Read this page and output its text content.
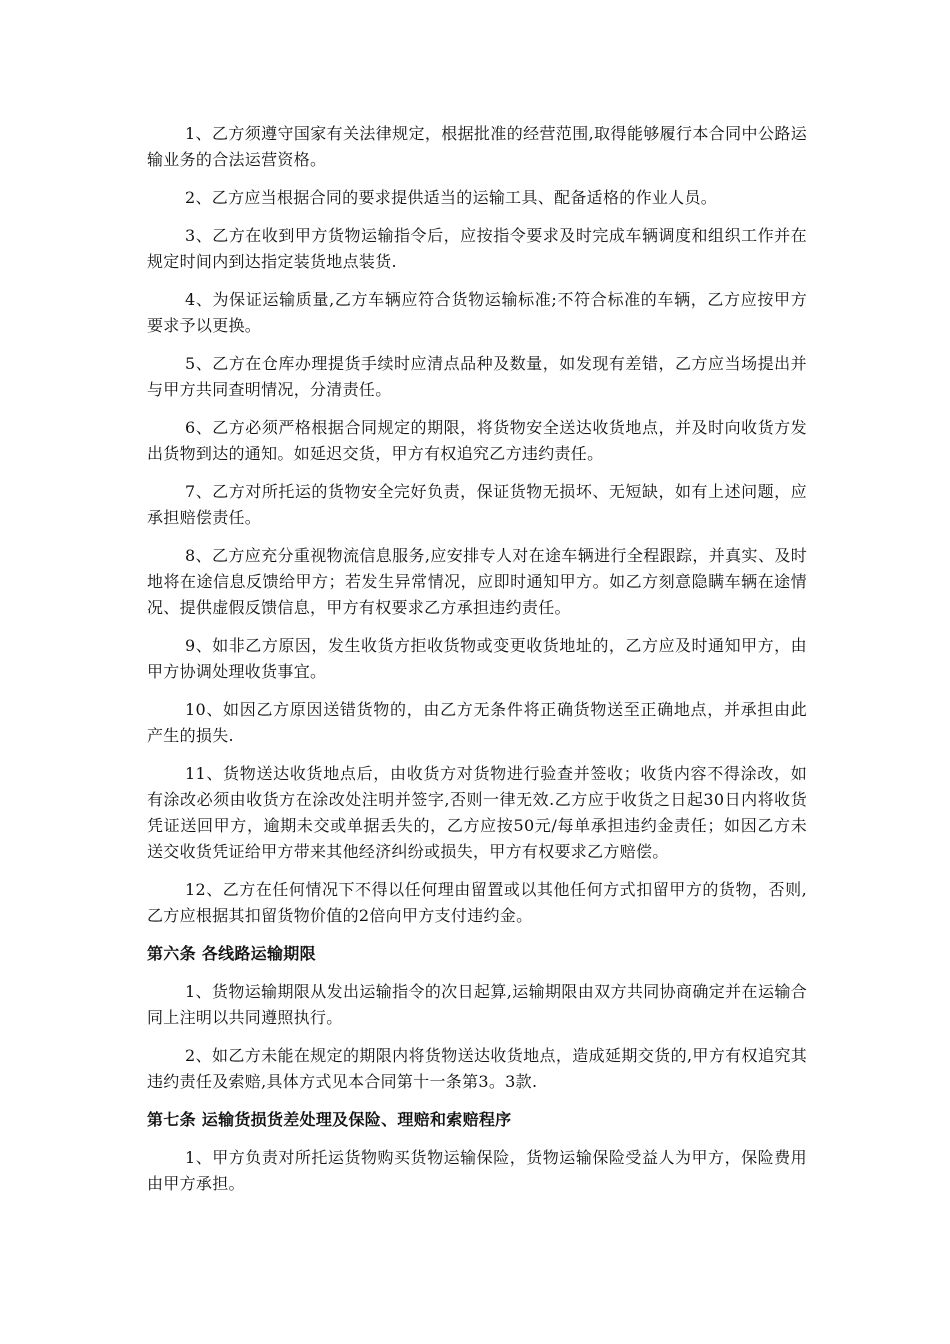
1、乙方须遵守国家有关法律规定，根据批准的经营范围,取得能够履行本合同中公路运输业务的合法运营资格。

2、乙方应当根据合同的要求提供适当的运输工具、配备适格的作业人员。

3、乙方在收到甲方货物运输指令后，应按指令要求及时完成车辆调度和组织工作并在规定时间内到达指定装货地点装货.

4、为保证运输质量,乙方车辆应符合货物运输标准;不符合标准的车辆，乙方应按甲方要求予以更换。

5、乙方在仓库办理提货手续时应清点品种及数量，如发现有差错，乙方应当场提出并与甲方共同查明情况，分清责任。

6、乙方必须严格根据合同规定的期限，将货物安全送达收货地点，并及时向收货方发出货物到达的通知。如延迟交货，甲方有权追究乙方违约责任。

7、乙方对所托运的货物安全完好负责，保证货物无损坏、无短缺，如有上述问题，应承担赔偿责任。

8、乙方应充分重视物流信息服务,应安排专人对在途车辆进行全程跟踪，并真实、及时地将在途信息反馈给甲方；若发生异常情况，应即时通知甲方。如乙方刻意隐瞒车辆在途情况、提供虚假反馈信息，甲方有权要求乙方承担违约责任。

9、如非乙方原因，发生收货方拒收货物或变更收货地址的，乙方应及时通知甲方，由甲方协调处理收货事宜。

10、如因乙方原因送错货物的，由乙方无条件将正确货物送至正确地点，并承担由此产生的损失.

11、货物送达收货地点后，由收货方对货物进行验查并签收；收货内容不得涂改，如有涂改必须由收货方在涂改处注明并签字,否则一律无效.乙方应于收货之日起30日内将收货凭证送回甲方，逾期未交或单据丢失的，乙方应按50元/每单承担违约金责任；如因乙方未送交收货凭证给甲方带来其他经济纠纷或损失，甲方有权要求乙方赔偿。

12、乙方在任何情况下不得以任何理由留置或以其他任何方式扣留甲方的货物，否则,乙方应根据其扣留货物价值的2倍向甲方支付违约金。

第六条 各线路运输期限

1、货物运输期限从发出运输指令的次日起算,运输期限由双方共同协商确定并在运输合同上注明以共同遵照执行。

2、如乙方未能在规定的期限内将货物送达收货地点，造成延期交货的,甲方有权追究其违约责任及索赔,具体方式见本合同第十一条第3。3款.

第七条 运输货损货差处理及保险、理赔和索赔程序

1、甲方负责对所托运货物购买货物运输保险，货物运输保险受益人为甲方，保险费用由甲方承担。
